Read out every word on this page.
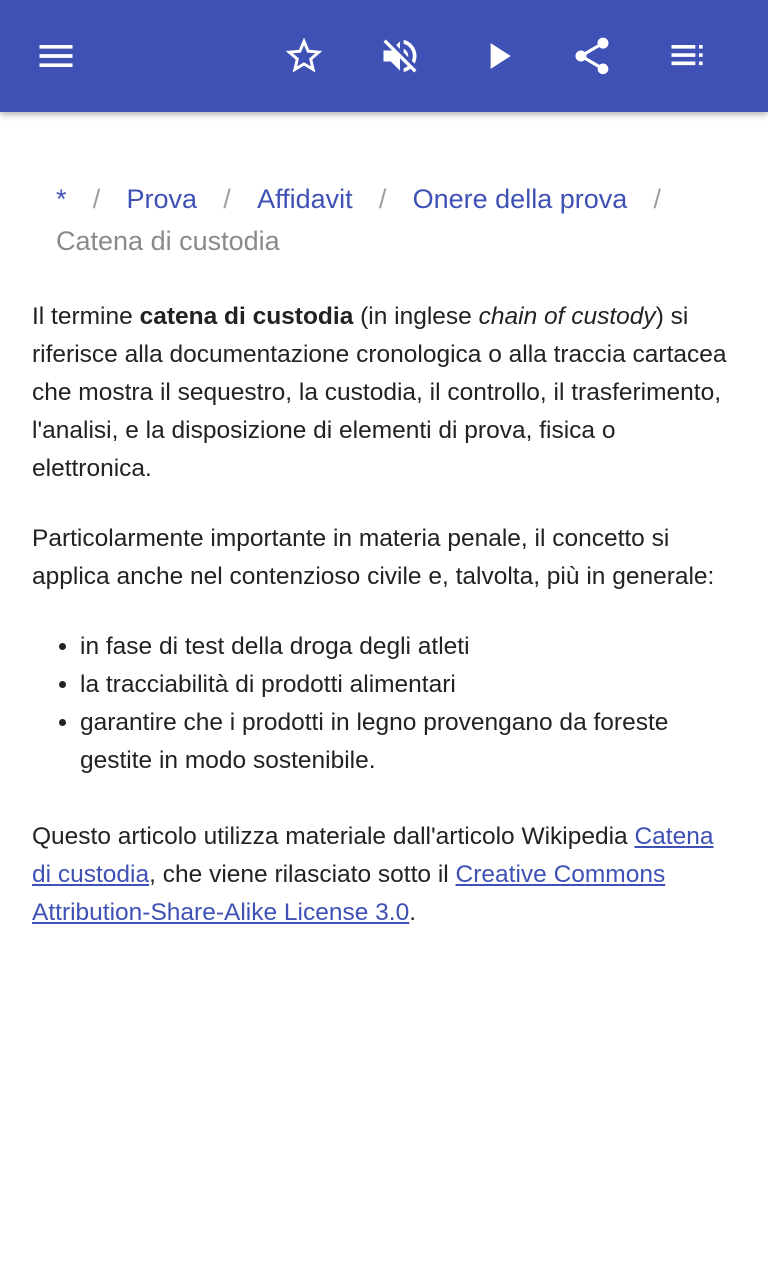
* / Prova / Affidavit / Onere della prova /
Catena di custodia

Il termine catena di custodia (in inglese chain of custody) si riferisce alla documentazione cronologica o alla traccia cartacea che mostra il sequestro, la custodia, il controllo, il trasferimento, l'analisi, e la disposizione di elementi di prova, fisica o elettronica.

Particolarmente importante in materia penale, il concetto si applica anche nel contenzioso civile e, talvolta, più in generale:

• in fase di test della droga degli atleti
• la tracciabilità di prodotti alimentari
• garantire che i prodotti in legno provengano da foreste gestite in modo sostenibile.

Questo articolo utilizza materiale dall'articolo Wikipedia Catena di custodia, che viene rilasciato sotto il Creative Commons Attribution-Share-Alike License 3.0.
